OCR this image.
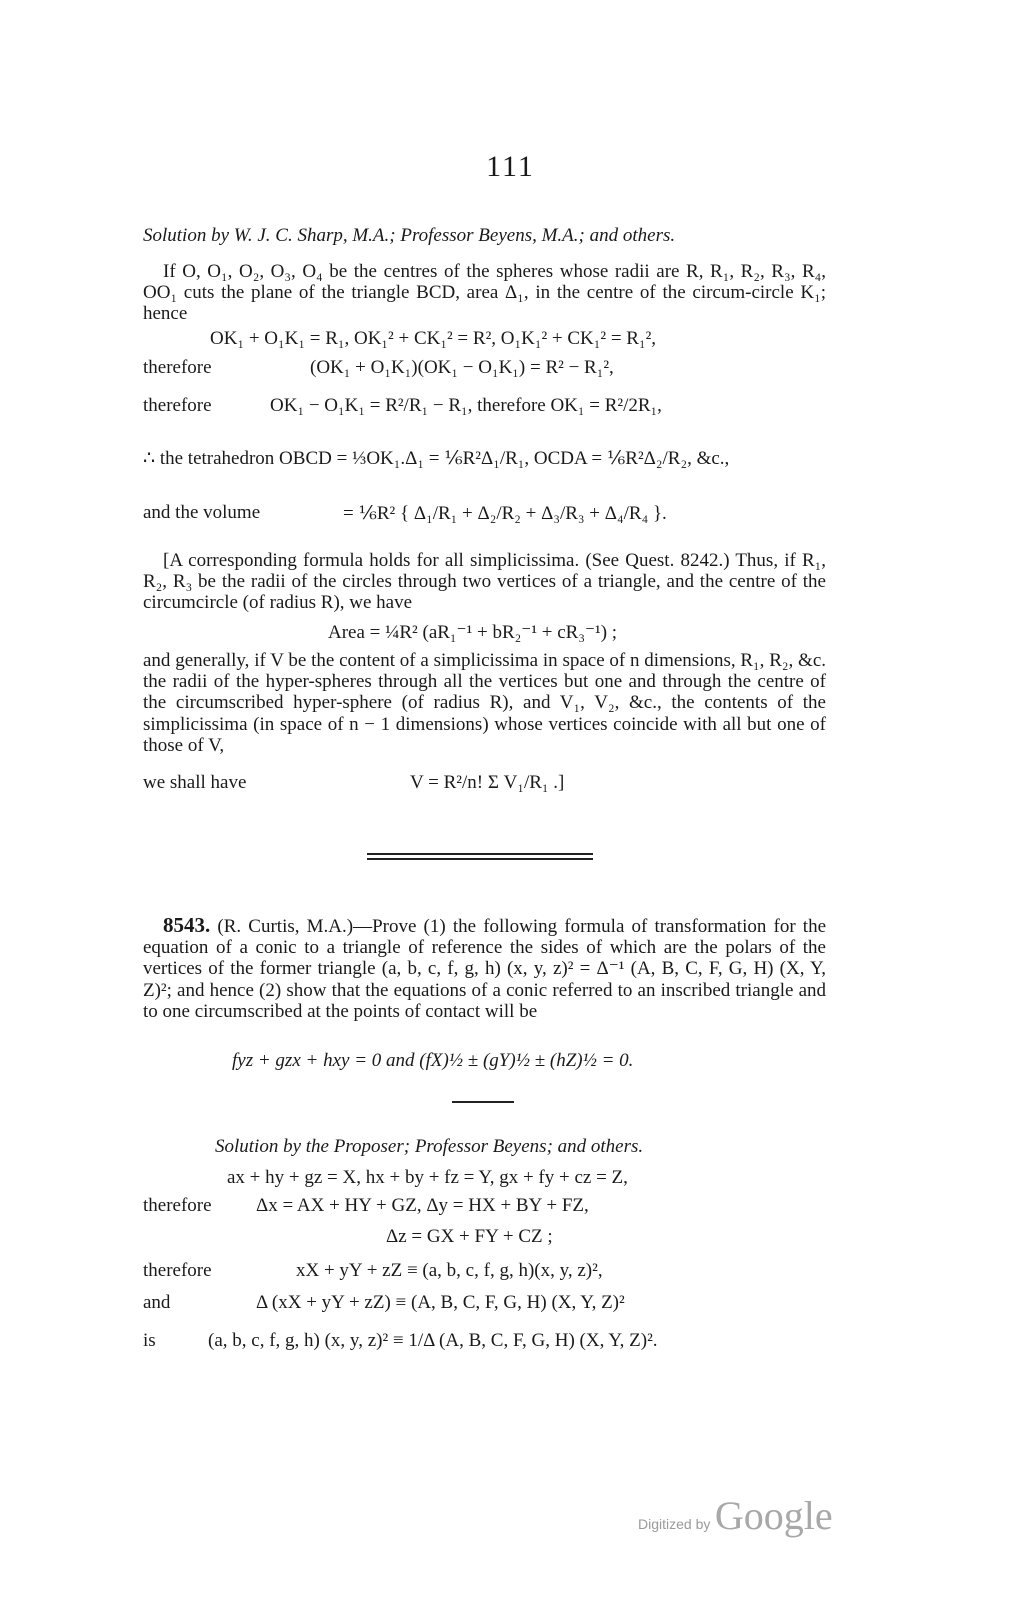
111
Solution by W. J. C. Sharp, M.A.; Professor Beyens, M.A.; and others.
If O, O₁, O₂, O₃, O₄ be the centres of the spheres whose radii are R, R₁, R₂, R₃, R₄, OO₁ cuts the plane of the triangle BCD, area Δ₁, in the centre of the circum-circle K₁; hence
OK₁ + O₁K₁ = R₁, OK₁² + CK₁² = R², O₁K₁² + CK₁² = R₁²,
therefore	(OK₁ + O₁K₁)(OK₁ − O₁K₁) = R² − R₁²,
therefore	OK₁ − O₁K₁ = R²/R₁ − R₁, therefore OK₁ = R²/2R₁,
∴ the tetrahedron OBCD = ⅓OK₁.Δ₁ = ⅙R²Δ₁/R₁, OCDA = ⅙R²Δ₂/R₂, &c.,
and the volume	= ⅙R² { Δ₁/R₁ + Δ₂/R₂ + Δ₃/R₃ + Δ₄/R₄ }.
[A corresponding formula holds for all simplicissima. (See Quest. 8242.) Thus, if R₁, R₂, R₃ be the radii of the circles through two vertices of a triangle, and the centre of the circumcircle (of radius R), we have
Area = ¼R² (aR₁⁻¹ + bR₂⁻¹ + cR₃⁻¹) ;
and generally, if V be the content of a simplicissima in space of n dimensions, R₁, R₂, &c. the radii of the hyper-spheres through all the vertices but one and through the centre of the circumscribed hyper-sphere (of radius R), and V₁, V₂, &c., the contents of the simplicissima (in space of n − 1 dimensions) whose vertices coincide with all but one of those of V,
we shall have	V = R²/n! Σ V₁/R₁ .]
8543. (R. Curtis, M.A.)—Prove (1) the following formula of transformation for the equation of a conic to a triangle of reference the sides of which are the polars of the vertices of the former triangle (a, b, c, f, g, h) (x, y, z)² = Δ⁻¹ (A, B, C, F, G, H) (X, Y, Z)²; and hence (2) show that the equations of a conic referred to an inscribed triangle and to one circumscribed at the points of contact will be
fyz + gzx + hxy = 0 and (fX)½ ± (gY)½ ± (hZ)½ = 0.
Solution by the Proposer; Professor Beyens; and others.
ax + hy + gz = X, hx + by + fz = Y, gx + fy + cz = Z,
therefore Δx = AX + HY + GZ, Δy = HX + BY + FZ,
Δz = GX + FY + CZ ;
therefore	xX + yY + zZ ≡ (a, b, c, f, g, h)(x, y, z)²,
and	Δ (xX + yY + zZ) ≡ (A, B, C, F, G, H) (X, Y, Z)²
is	(a, b, c, f, g, h) (x, y, z)² ≡ 1/Δ (A, B, C, F, G, H) (X, Y, Z)².
Digitized by Google
